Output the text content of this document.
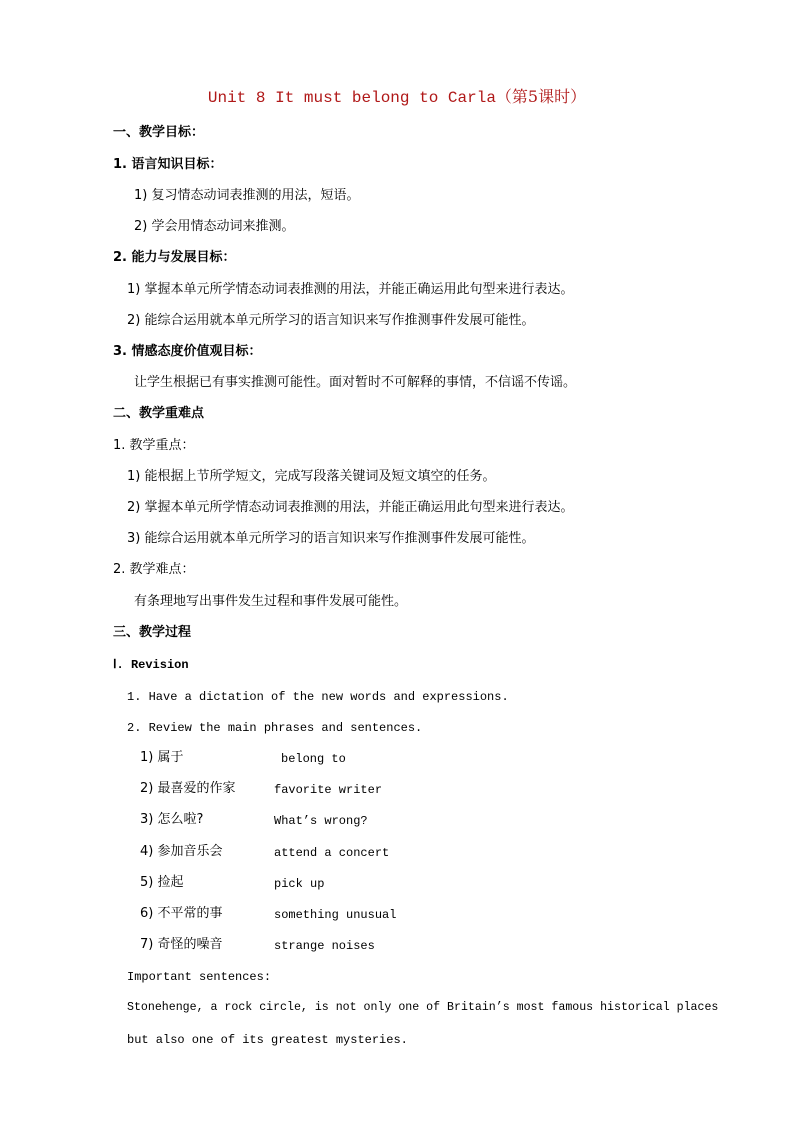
Unit 8 It must belong to Carla（第5课时）
一、教学目标：
1. 语言知识目标：
1) 复习情态动词表推测的用法，短语。
2) 学会用情态动词来推测。
2. 能力与发展目标：
1) 掌握本单元所学情态动词表推测的用法，并能正确运用此句型来进行表达。
2) 能综合运用就本单元所学习的语言知识来写作推测事件发展可能性。
3. 情感态度价值观目标：
让学生根据已有事实推测可能性。面对暂时不可解释的事情，不信谣不传谣。
二、教学重难点
1. 教学重点：
1) 能根据上节所学短文，完成写段落关键词及短文填空的任务。
2) 掌握本单元所学情态动词表推测的用法，并能正确运用此句型来进行表达。
3) 能综合运用就本单元所学习的语言知识来写作推测事件发展可能性。
2. 教学难点：
有条理地写出事件发生过程和事件发展可能性。
三、教学过程
Ⅰ. Revision
1. Have a dictation of the new words and expressions.
2. Review the main phrases and sentences.
1) 属于	belong to
2) 最喜爱的作家	favorite writer
3) 怎么啦?	What’s wrong?
4) 参加音乐会	attend a concert
5) 捡起	pick up
6) 不平常的事	something unusual
7) 奇怪的噪音	strange noises
Important sentences:
Stonehenge, a rock circle, is not only one of Britain’s most famous historical places
but also one of its greatest mysteries.
